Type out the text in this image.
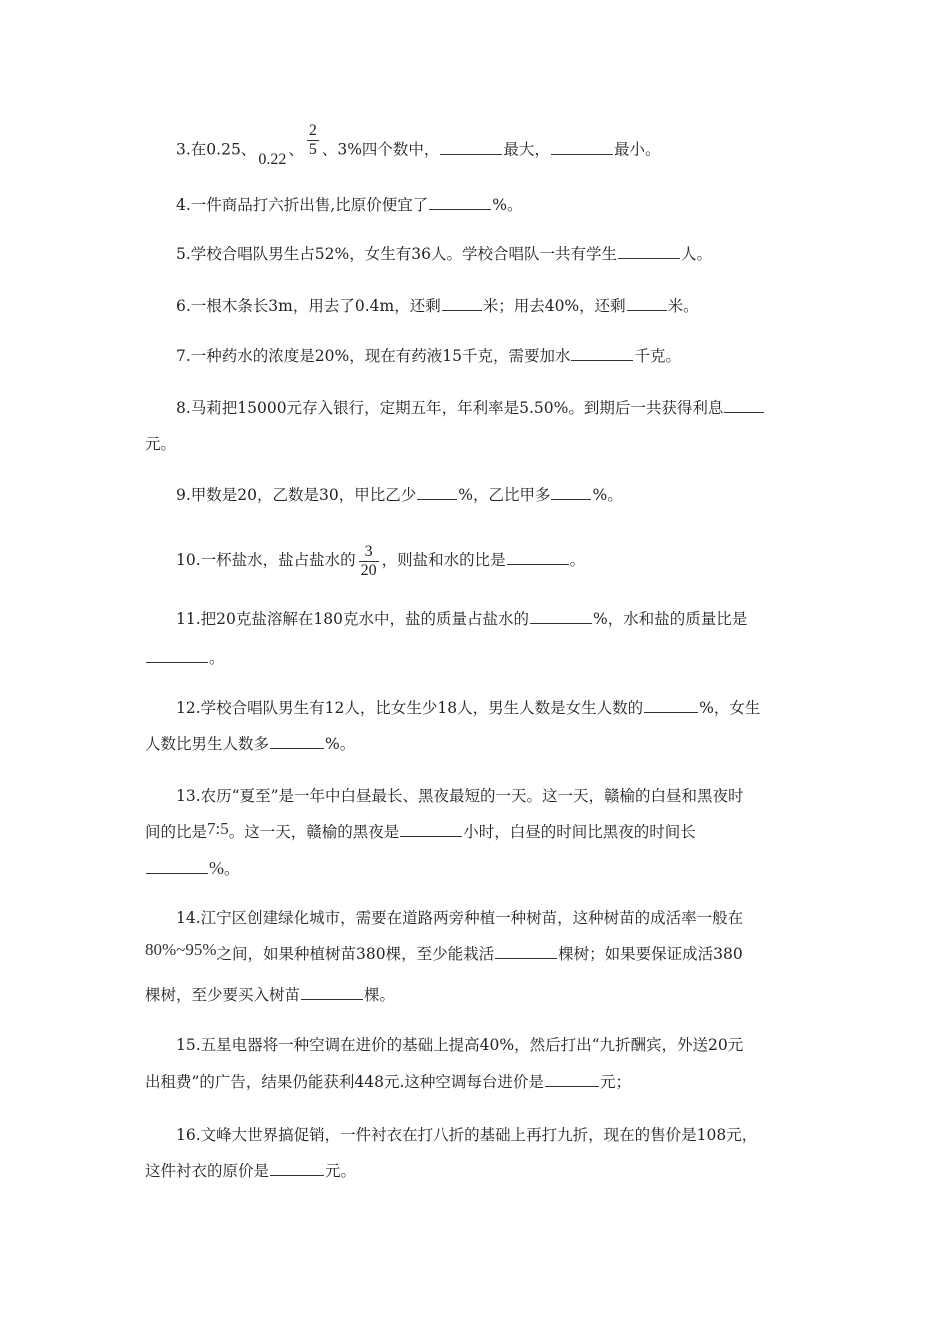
3.在0.25、0.22、 $\frac{2}{5}$ 、3%四个数中，	最大，	最小。
4.一件商品打六折出售,比原价便宜了	%。
5.学校合唱队男生占52%，女生有36人。学校合唱队一共有学生	人。
6.一根木条长3m，用去了0.4m，还剩	米；用去40%，还剩	米。
7.一种药水的浓度是20%，现在有药液15千克，需要加水	千克。
8.马莉把15000元存入银行，定期五年，年利率是5.50%。到期后一共获得利息
元。
9.甲数是20，乙数是30，甲比乙少	%，乙比甲多	%。
10.一杯盐水，盐占盐水的 $\frac{3}{20}$ ，则盐和水的比是	。
11.把20克盐溶解在180克水中，盐的质量占盐水的	%，水和盐的质量比是
。
12.学校合唱队男生有12人，比女生少18人，男生人数是女生人数的	%，女生
人数比男生人数多	%。
13.农历“夏至”是一年中白昼最长、黑夜最短的一天。这一天，赣榆的白昼和黑夜时
间的比是7:5。这一天，赣榆的黑夜是	小时，白昼的时间比黑夜的时间长
%。
14.江宁区创建绿化城市，需要在道路两旁种植一种树苗，这种树苗的成活率一般在
80%~95%之间，如果种植树苗380棵，至少能栽活	棵树；如果要保证成活380
棵树，至少要买入树苗	棵。
15.五星电器将一种空调在进价的基础上提高40%，然后打出“九折酬宾，外送20元
出租费”的广告，结果仍能获利448元.这种空调每台进价是	元；
16.文峰大世界搞促销，一件衬衣在打八折的基础上再打九折，现在的售价是108元，
这件衬衣的原价是	元。
